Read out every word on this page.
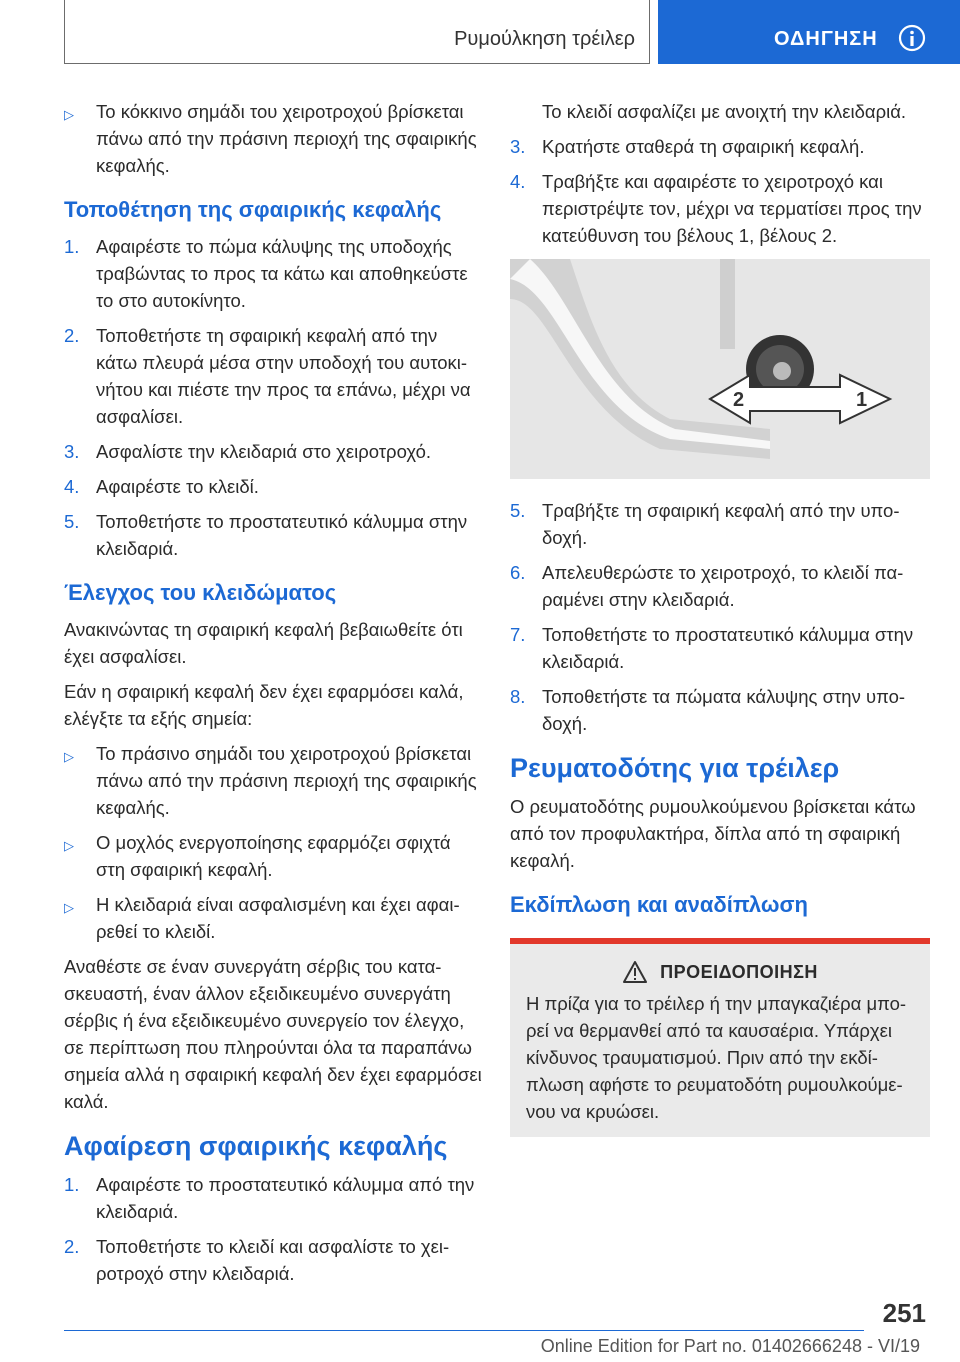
Ρυμούλκηση τρέιλερ	ΟΔΗΓΗΣΗ
▷	Το κόκκινο σημάδι του χειροτροχού βρίσκεται πάνω από την πράσινη περιοχή της σφαιρικής κεφαλής.
Τοποθέτηση της σφαιρικής κεφαλής
1. Αφαιρέστε το πώμα κάλυψης της υποδοχής τραβώντας το προς τα κάτω και αποθηκεύστε το στο αυτοκίνητο.
2. Τοποθετήστε τη σφαιρική κεφαλή από την κάτω πλευρά μέσα στην υποδοχή του αυτοκινήτου και πιέστε την προς τα επάνω, μέχρι να ασφαλίσει.
3. Ασφαλίστε την κλειδαριά στο χειροτροχό.
4. Αφαιρέστε το κλειδί.
5. Τοποθετήστε το προστατευτικό κάλυμμα στην κλειδαριά.
Έλεγχος του κλειδώματος

Ανακινώντας τη σφαιρική κεφαλή βεβαιωθείτε ότι έχει ασφαλίσει.

Εάν η σφαιρική κεφαλή δεν έχει εφαρμόσει καλά, ελέγξτε τα εξής σημεία:

▷	Το πράσινο σημάδι του χειροτροχού βρίσκεται πάνω από την πράσινη περιοχή της σφαιρικής κεφαλής.
▷	Ο μοχλός ενεργοποίησης εφαρμόζει σφιχτά στη σφαιρική κεφαλή.
▷	Η κλειδαριά είναι ασφαλισμένη και έχει αφαιρεθεί το κλειδί.

Αναθέστε σε έναν συνεργάτη σέρβις του κατασκευαστή, έναν άλλον εξειδικευμένο συνεργάτη σέρβις ή ένα εξειδικευμένο συνεργείο τον έλεγχο, σε περίπτωση που πληρούνται όλα τα παραπάνω σημεία αλλά η σφαιρική κεφαλή δεν έχει εφαρμόσει καλά.

Αφαίρεση σφαιρικής κεφαλής
1. Αφαιρέστε το προστατευτικό κάλυμμα από την κλειδαριά.
2. Τοποθετήστε το κλειδί και ασφαλίστε το χειροτροχό στην κλειδαριά.
Το κλειδί ασφαλίζει με ανοιχτή την κλειδαριά.
3. Κρατήστε σταθερά τη σφαιρική κεφαλή.
4. Τραβήξτε και αφαιρέστε το χειροτροχό και περιστρέψτε τον, μέχρι να τερματίσει προς την κατεύθυνση του βέλους 1, βέλους 2.
2	1
5. Τραβήξτε τη σφαιρική κεφαλή από την υποδοχή.
6. Απελευθερώστε το χειροτροχό, το κλειδί παραμένει στην κλειδαριά.
7. Τοποθετήστε το προστατευτικό κάλυμμα στην κλειδαριά.
8. Τοποθετήστε τα πώματα κάλυψης στην υποδοχή.
Ρευματοδότης για τρέιλερ

Ο ρευματοδότης ρυμουλκούμενου βρίσκεται κάτω από τον προφυλακτήρα, δίπλα από τη σφαιρική κεφαλή.

Εκδίπλωση και αναδίπλωση
ΠΡΟΕΙΔΟΠΟΙΗΣΗ

Η πρίζα για το τρέιλερ ή την μπαγκαζιέρα μπορεί να θερμανθεί από τα καυσαέρια. Υπάρχει κίνδυνος τραυματισμού. Πριν από την εκδίπλωση αφήστε το ρευματοδότη ρυμουλκούμενου να κρυώσει.

251
Online Edition for Part no. 01402666248 - VI/19
